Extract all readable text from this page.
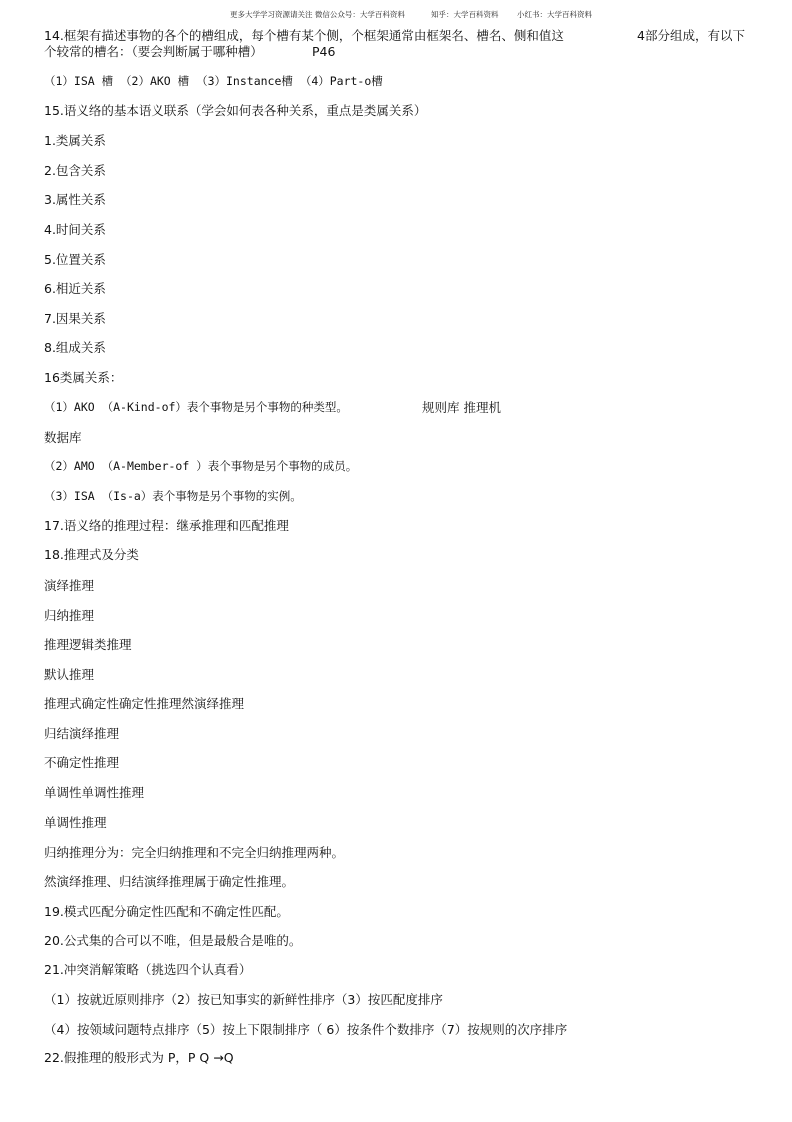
更多大学学习资源请关注 微信公众号：大学百科资料	知乎：大学百科资料 小红书：大学百科资料
14.框架有描述事物的各个的槽组成，每个槽有某个侧，个框架通常由框架名、槽名、侧和值这	4部分组成，有以下
个较常的槽名：（要会判断属于哪种槽）	P46
（1）ISA 槽 （2）AKO 槽 （3）Instance槽 （4）Part-o槽
15.语义络的基本语义联系（学会如何表各种关系，重点是类属关系）
1.类属关系
2.包含关系
3.属性关系
4.时间关系
5.位置关系
6.相近关系
7.因果关系
8.组成关系
16类属关系：
（1）AKO （A-Kind-of）表个事物是另个事物的种类型。	规则库 推理机
数据库
（2）AMO （A-Member-of ）表个事物是另个事物的成员。
（3）ISA （Is-a）表个事物是另个事物的实例。
17.语义络的推理过程：继承推理和匹配推理
18.推理式及分类
演绎推理
归纳推理
推理逻辑类推理
默认推理
推理式确定性确定性推理然演绎推理
归结演绎推理
不确定性推理
单调性单调性推理
单调性推理
归纳推理分为：完全归纳推理和不完全归纳推理两种。
然演绎推理、归结演绎推理属于确定性推理。
19.模式匹配分确定性匹配和不确定性匹配。
20.公式集的合可以不唯，但是最般合是唯的。
21.冲突消解策略（挑选四个认真看）
（1）按就近原则排序（2）按已知事实的新鲜性排序（3）按匹配度排序
（4）按领域问题特点排序（5）按上下限制排序（ 6）按条件个数排序（7）按规则的次序排序
22.假推理的般形式为 P，P Q →Q
